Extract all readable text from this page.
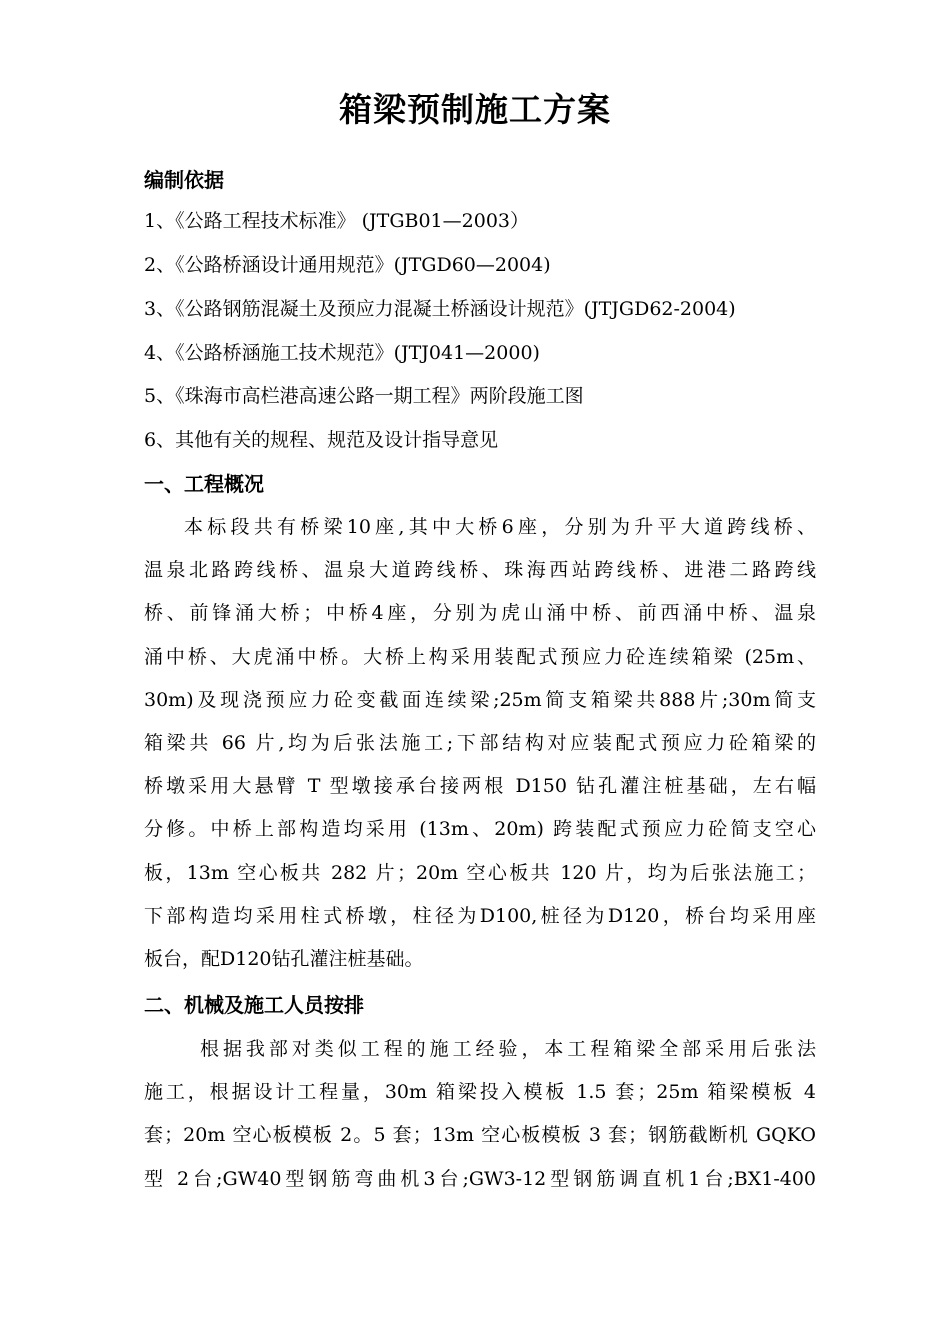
箱梁预制施工方案
编制依据
1、《公路工程技术标准》 (JTGB01—2003）
2、《公路桥涵设计通用规范》(JTGD60—2004)
3、《公路钢筋混凝土及预应力混凝土桥涵设计规范》(JTJGD62-2004)
4、《公路桥涵施工技术规范》(JTJ041—2000)
5、《珠海市高栏港高速公路一期工程》两阶段施工图
6、其他有关的规程、规范及设计指导意见
一、工程概况
本标段共有桥梁10座,其中大桥6座，分别为升平大道跨线桥、
温泉北路跨线桥、温泉大道跨线桥、珠海西站跨线桥、进港二路跨线
桥、前锋涌大桥；中桥4座，分别为虎山涌中桥、前西涌中桥、温泉
涌中桥、大虎涌中桥。大桥上构采用装配式预应力砼连续箱梁 (25m、
30m)及现浇预应力砼变截面连续梁;25m简支箱梁共888片;30m简支
箱梁共 66 片,均为后张法施工;下部结构对应装配式预应力砼箱梁的
桥墩采用大悬臂 T 型墩接承台接两根 D150 钻孔灌注桩基础，左右幅
分修。中桥上部构造均采用 (13m、20m) 跨装配式预应力砼简支空心
板，13m 空心板共 282 片；20m 空心板共 120 片，均为后张法施工；
下部构造均采用柱式桥墩，柱径为D100,桩径为D120，桥台均采用座
板台，配D120钻孔灌注桩基础。
二、机械及施工人员按排
根据我部对类似工程的施工经验，本工程箱梁全部采用后张法
施工，根据设计工程量，30m 箱梁投入模板 1.5 套；25m 箱梁模板 4
套；20m 空心板模板 2。5 套；13m 空心板模板 3 套；钢筋截断机 GQKO
型 2台;GW40型钢筋弯曲机3台;GW3-12型钢筋调直机1台;BX1-400
